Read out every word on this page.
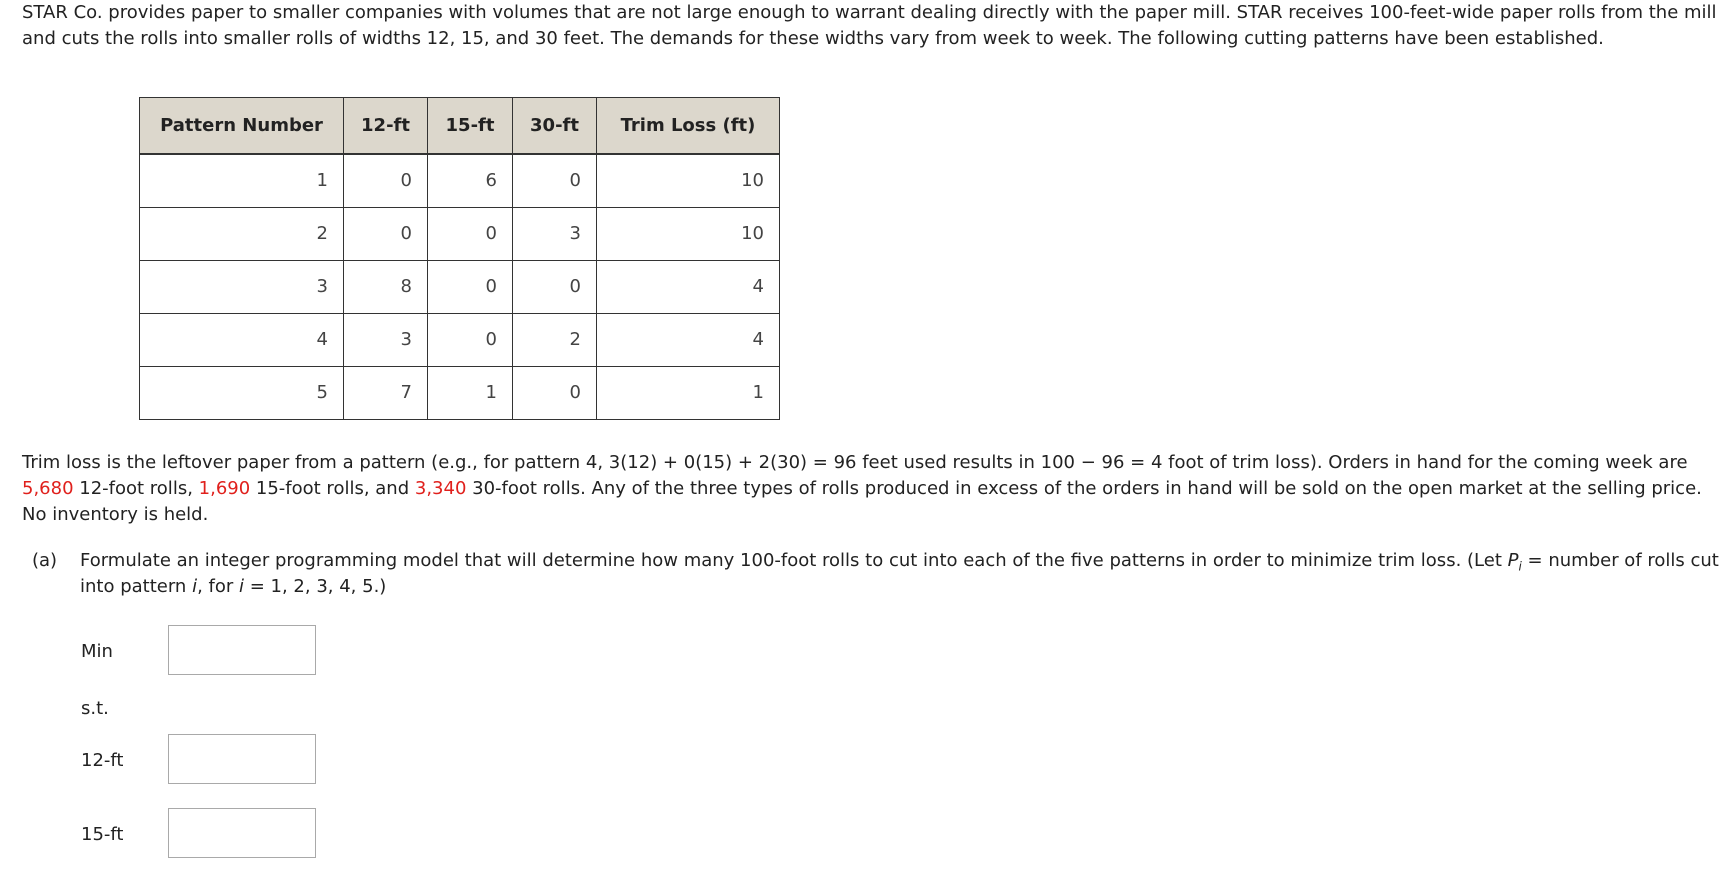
STAR Co. provides paper to smaller companies with volumes that are not large enough to warrant dealing directly with the paper mill. STAR receives 100-feet-wide paper rolls from the mill and cuts the rolls into smaller rolls of widths 12, 15, and 30 feet. The demands for these widths vary from week to week. The following cutting patterns have been established.

Pattern Number	12-ft	15-ft	30-ft	Trim Loss (ft)
1	0	6	0	10
2	0	0	3	10
3	8	0	0	4
4	3	0	2	4
5	7	1	0	1

Trim loss is the leftover paper from a pattern (e.g., for pattern 4, 3(12) + 0(15) + 2(30) = 96 feet used results in 100 − 96 = 4 foot of trim loss). Orders in hand for the coming week are 5,680 12-foot rolls, 1,690 15-foot rolls, and 3,340 30-foot rolls. Any of the three types of rolls produced in excess of the orders in hand will be sold on the open market at the selling price. No inventory is held.

(a) Formulate an integer programming model that will determine how many 100-foot rolls to cut into each of the five patterns in order to minimize trim loss. (Let $P_i$ = number of rolls cut into pattern i, for i = 1, 2, 3, 4, 5.)
Min
s.t.
12-ft
15-ft
